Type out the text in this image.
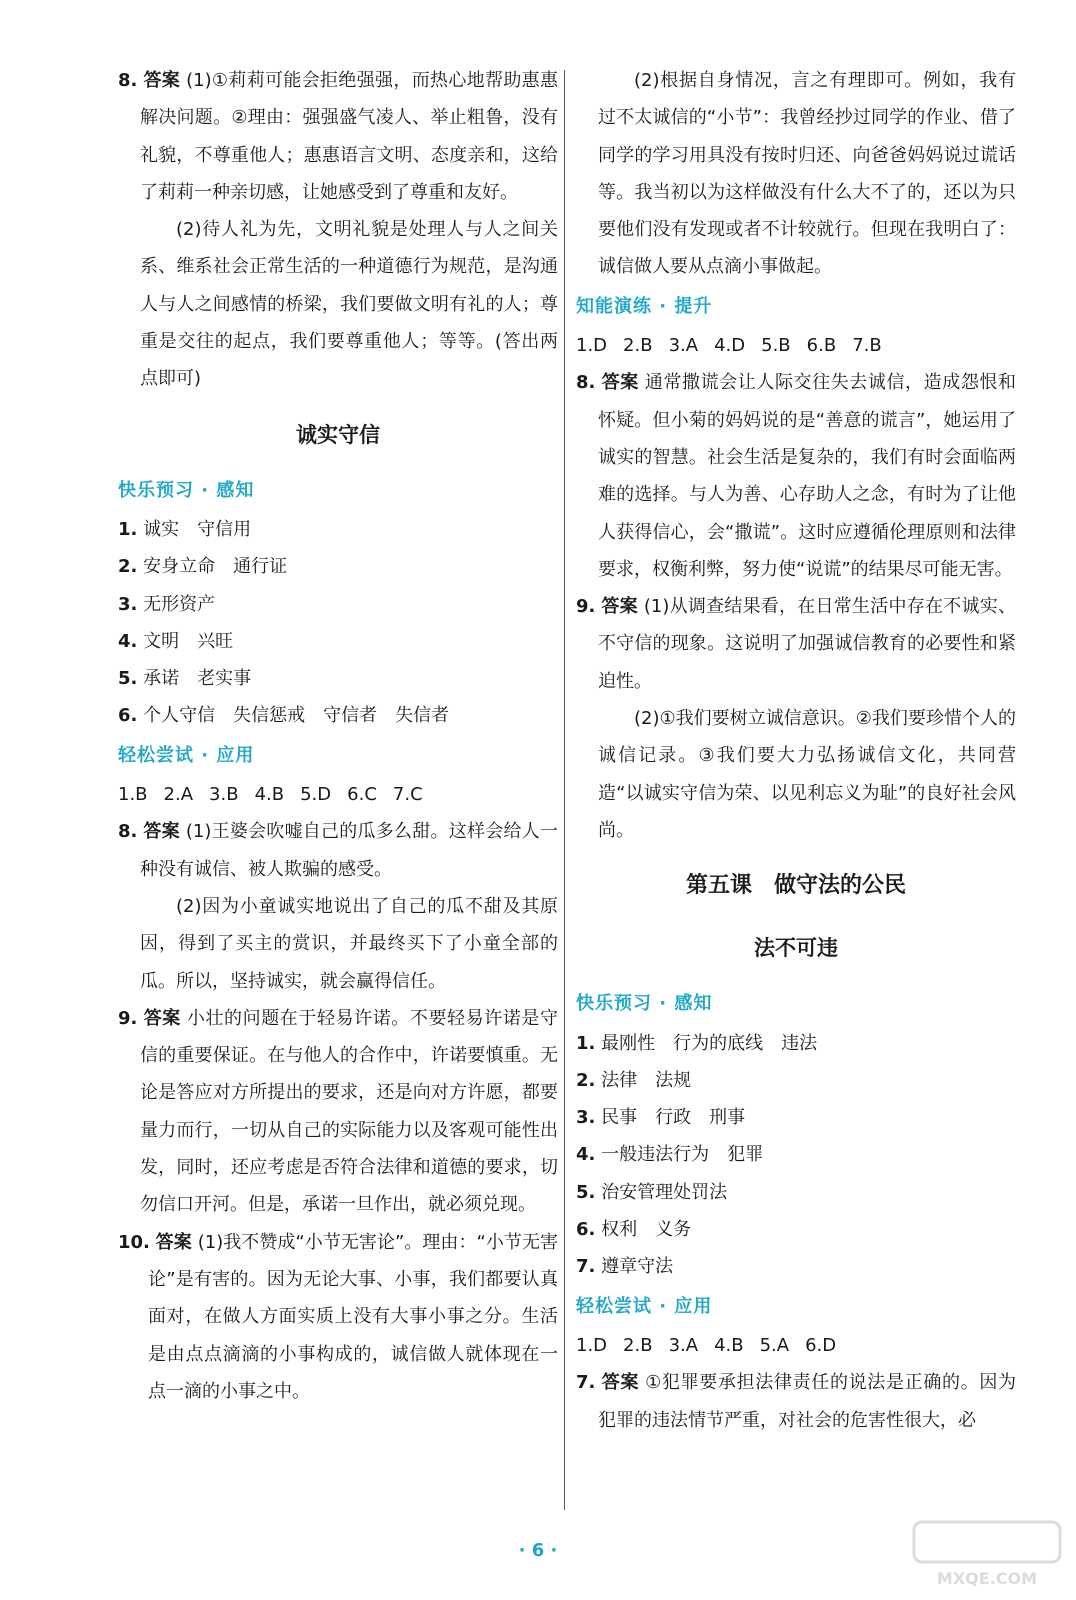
8. 答案 (1)①莉莉可能会拒绝强强，而热心地帮助惠惠解决问题。②理由：强强盛气凌人、举止粗鲁，没有礼貌，不尊重他人；惠惠语言文明、态度亲和，这给了莉莉一种亲切感，让她感受到了尊重和友好。

(2)待人礼为先，文明礼貌是处理人与人之间关系、维系社会正常生活的一种道德行为规范，是沟通人与人之间感情的桥梁，我们要做文明有礼的人；尊重是交往的起点，我们要尊重他人；等等。(答出两点即可)

诚实守信
快乐预习 · 感知

1. 诚实　守信用

2. 安身立命　通行证

3. 无形资产

4. 文明　兴旺

5. 承诺　老实事

6. 个人守信　失信惩戒　守信者　失信者

轻松尝试 · 应用

1.B 2.A 3.B 4.B 5.D 6.C 7.C

8. 答案 (1)王婆会吹嘘自己的瓜多么甜。这样会给人一种没有诚信、被人欺骗的感受。

(2)因为小童诚实地说出了自己的瓜不甜及其原因，得到了买主的赏识，并最终买下了小童全部的瓜。所以，坚持诚实，就会赢得信任。

9. 答案 小壮的问题在于轻易许诺。不要轻易许诺是守信的重要保证。在与他人的合作中，许诺要慎重。无论是答应对方所提出的要求，还是向对方许愿，都要量力而行，一切从自己的实际能力以及客观可能性出发，同时，还应考虑是否符合法律和道德的要求，切勿信口开河。但是，承诺一旦作出，就必须兑现。

10. 答案 (1)我不赞成“小节无害论”。理由：“小节无害论”是有害的。因为无论大事、小事，我们都要认真面对，在做人方面实质上没有大事小事之分。生活是由点点滴滴的小事构成的，诚信做人就体现在一点一滴的小事之中。

(2)根据自身情况，言之有理即可。例如，我有过不太诚信的“小节”：我曾经抄过同学的作业、借了同学的学习用具没有按时归还、向爸爸妈妈说过谎话等。我当初以为这样做没有什么大不了的，还以为只要他们没有发现或者不计较就行。但现在我明白了：诚信做人要从点滴小事做起。

知能演练 · 提升

1.D 2.B 3.A 4.D 5.B 6.B 7.B

8. 答案 通常撒谎会让人际交往失去诚信，造成怨恨和怀疑。但小菊的妈妈说的是“善意的谎言”，她运用了诚实的智慧。社会生活是复杂的，我们有时会面临两难的选择。与人为善、心存助人之念，有时为了让他人获得信心，会“撒谎”。这时应遵循伦理原则和法律要求，权衡利弊，努力使“说谎”的结果尽可能无害。

9. 答案 (1)从调查结果看，在日常生活中存在不诚实、不守信的现象。这说明了加强诚信教育的必要性和紧迫性。

(2)①我们要树立诚信意识。②我们要珍惜个人的诚信记录。③我们要大力弘扬诚信文化，共同营造“以诚实守信为荣、以见利忘义为耻”的良好社会风尚。

第五课　做守法的公民
法不可违
快乐预习 · 感知

1. 最刚性　行为的底线　违法

2. 法律　法规

3. 民事　行政　刑事

4. 一般违法行为　犯罪

5. 治安管理处罚法

6. 权利　义务

7. 遵章守法

轻松尝试 · 应用

1.D 2.B 3.A 4.B 5.A 6.D

7. 答案 ①犯罪要承担法律责任的说法是正确的。因为犯罪的违法情节严重，对社会的危害性很大，必

· 6 ·
MXQE.COM
